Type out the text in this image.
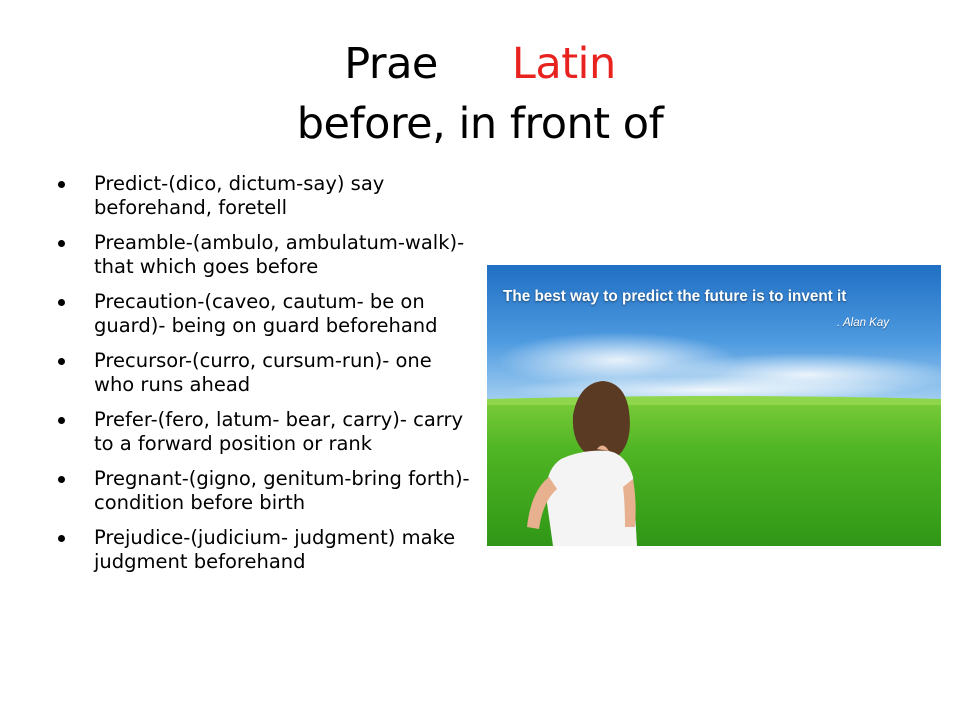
Prae Latin
before, in front of
Predict-(dico, dictum-say) say beforehand, foretell
Preamble-(ambulo, ambulatum-walk)- that which goes before
Precaution-(caveo, cautum- be on guard)- being on guard beforehand
Precursor-(curro, cursum-run)- one who runs ahead
Prefer-(fero, latum- bear, carry)- carry to a forward position or rank
Pregnant-(gigno, genitum-bring forth)-condition before birth
Prejudice-(judicium- judgment) make judgment beforehand
The best way to predict the future is to invent it
. Alan Kay
